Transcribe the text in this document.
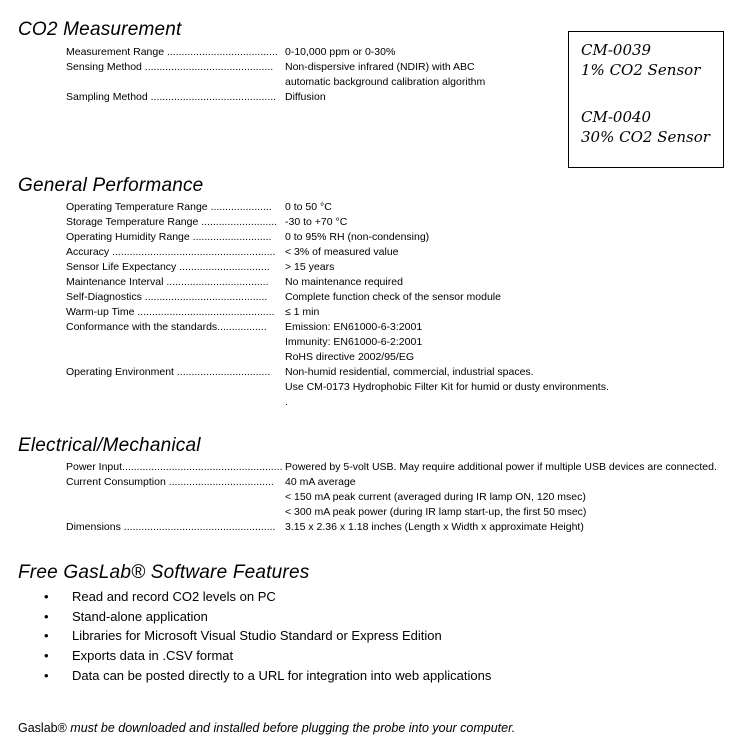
CO2 Measurement
Measurement Range ...................................... 0-10,000 ppm or 0-30%
Sensing Method ............................................	Non-dispersive infrared (NDIR) with ABC
automatic background calibration algorithm
Sampling Method ........................................... Diffusion
CM-0039
1% CO2 Sensor
CM-0040
30% CO2 Sensor
General Performance
Operating Temperature Range .....................	0 to 50 °C
Storage Temperature Range .......................... -30 to +70 °C
Operating Humidity Range ...........................	0 to 95% RH (non-condensing)
Accuracy ........................................................ < 3% of measured value
Sensor Life Expectancy ...............................	> 15 years
Maintenance Interval ...................................	No maintenance required
Self-Diagnostics ..........................................	Complete function check of the sensor module
Warm-up Time ...............................................	≤ 1 min
Conformance with the standards.................	Emission: EN61000-6-3:2001
Immunity: EN61000-6-2:2001
RoHS directive 2002/95/EG
Operating Environment ................................	Non-humid residential, commercial, industrial spaces.
Use CM-0173 Hydrophobic Filter Kit for humid or dusty environments.
.
Electrical/Mechanical
Power Input....................................................... Powered by 5-volt USB. May require additional power if multiple USB devices are connected.
Current Consumption ....................................	40 mA average
< 150 mA peak current (averaged during IR lamp ON, 120 msec)
< 300 mA peak power (during IR lamp start-up, the first 50 msec)
Dimensions .................................................... 3.15 x 2.36 x 1.18 inches (Length x Width x approximate Height)
Free GasLab® Software Features
•	Read and record CO2 levels on PC
•	Stand-alone application
•	Libraries for Microsoft Visual Studio Standard or Express Edition
•	Exports data in .CSV format
•	Data can be posted directly to a URL for integration into web applications

Gaslab® must be downloaded and installed before plugging the probe into your computer.
